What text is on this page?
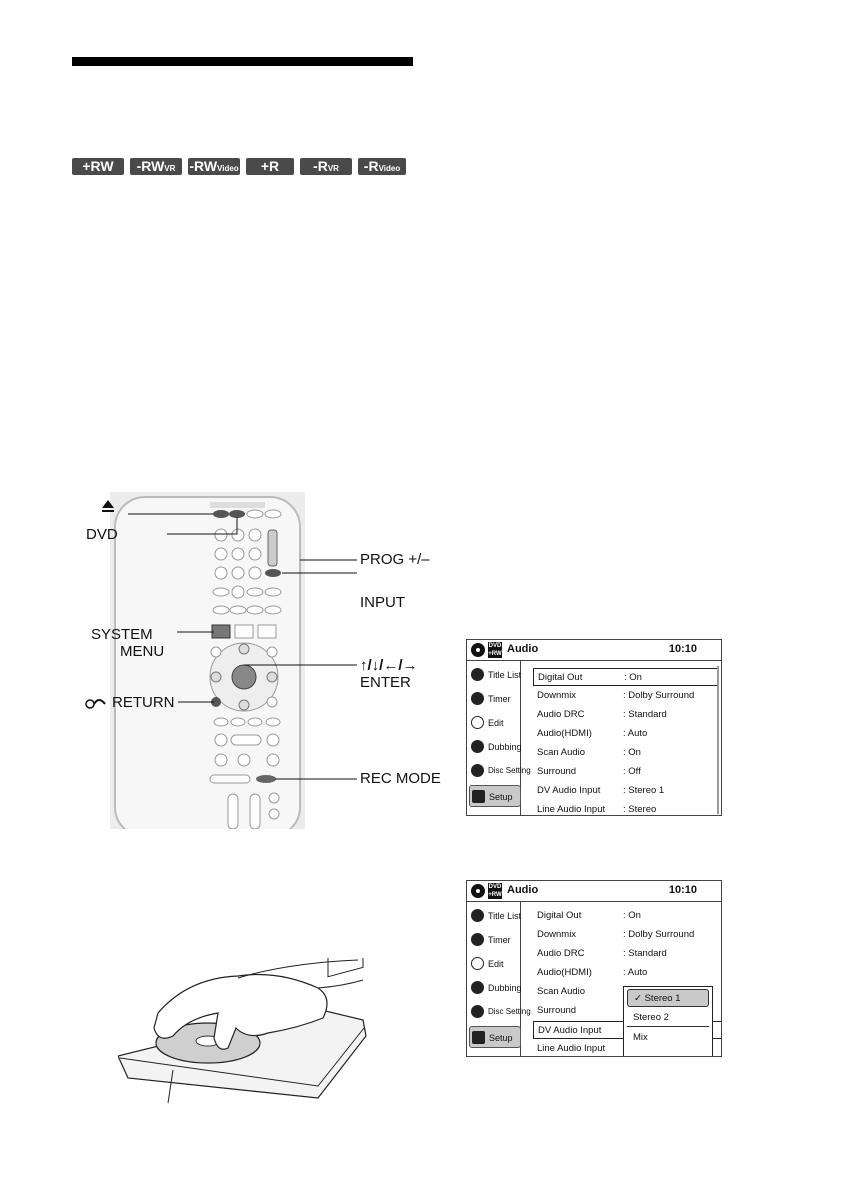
+RW	-RWVR -RWVideo	+R	-RVR	-RVideo
DVD
PROG +/–
INPUT
SYSTEM
MENU
↑/↓/←/→
ENTER
RETURN
REC MODE
DVD +RW Audio	10:10
Title List
Timer
Edit
Dubbing
Disc Setting
Setup
Digital Out	: On
Downmix	: Dolby Surround
Audio DRC	: Standard
Audio(HDMI)	: Auto
Scan Audio	: On
Surround	: Off
DV Audio Input : Stereo 1
Line Audio Input : Stereo
DVD +RW Audio	10:10
Title List
Timer
Edit
Dubbing
Disc Setting
Setup
Digital Out	: On
Downmix	: Dolby Surround
Audio DRC	: Standard
Audio(HDMI)	: Auto
Scan Audio
Surround
DV Audio Input
Line Audio Input
✓ Stereo 1
Stereo 2
Mix
